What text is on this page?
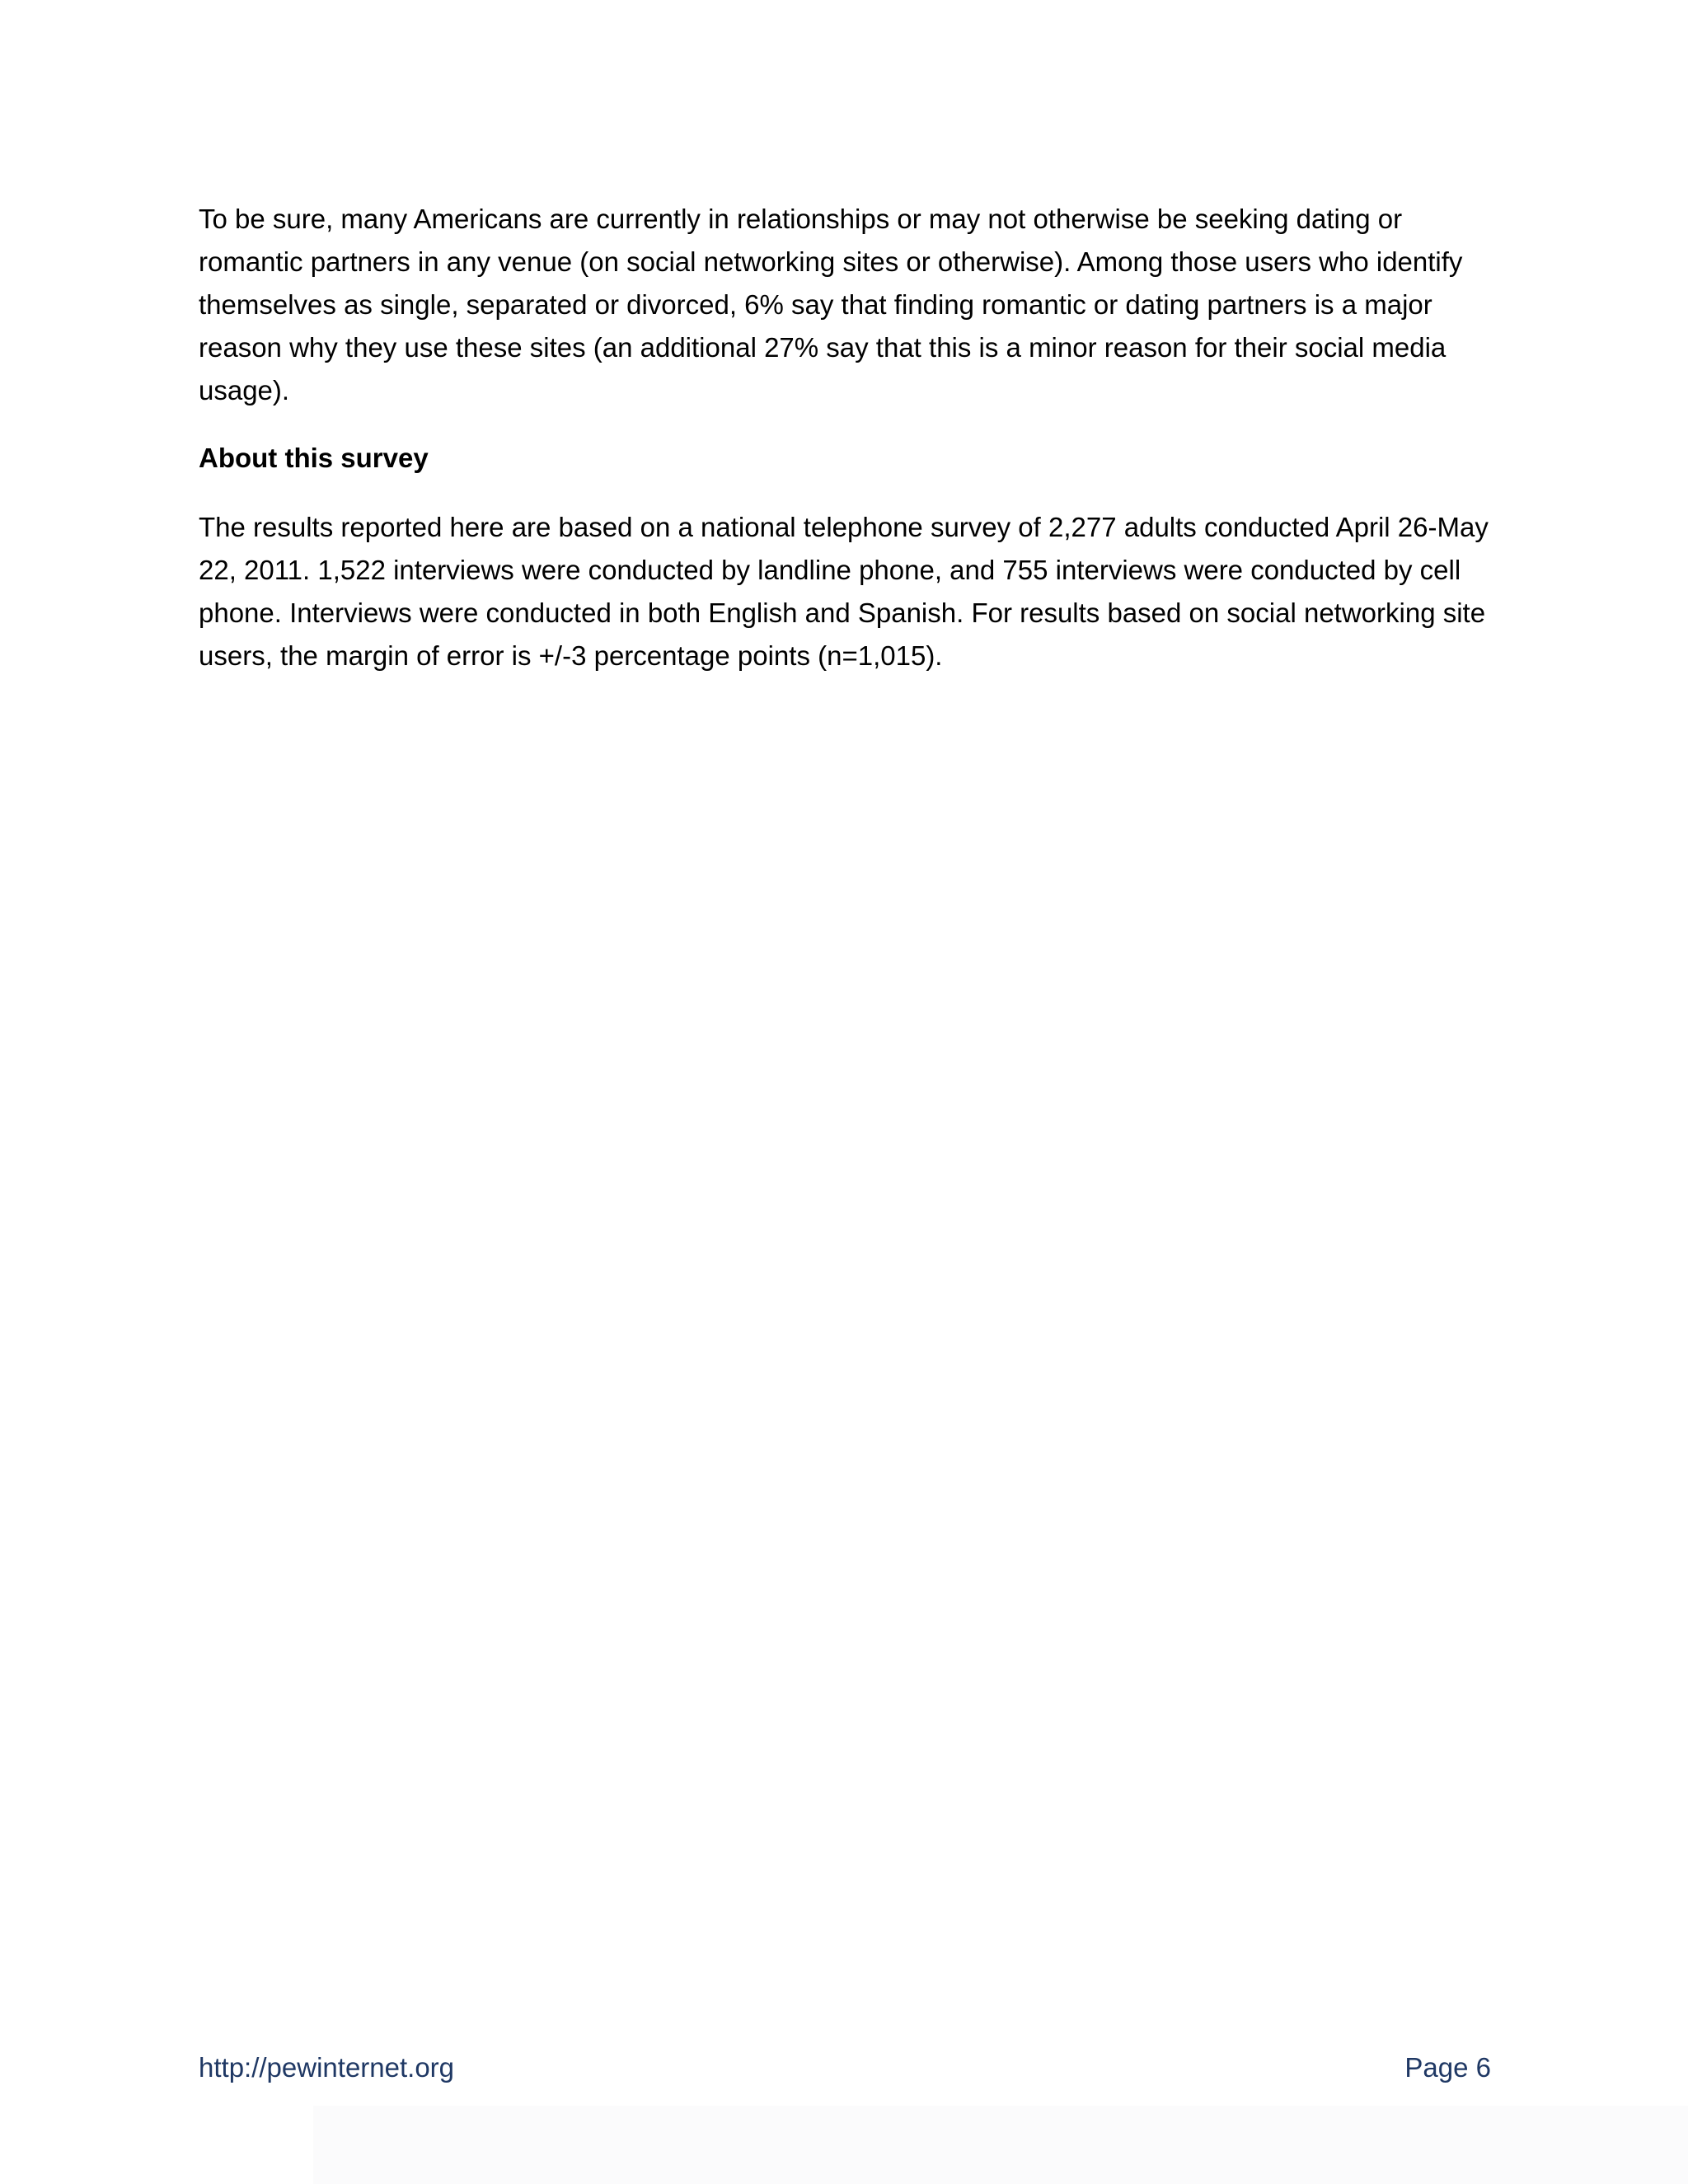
To be sure, many Americans are currently in relationships or may not otherwise be seeking dating or romantic partners in any venue (on social networking sites or otherwise). Among those users who identify themselves as single, separated or divorced, 6% say that finding romantic or dating partners is a major reason why they use these sites (an additional 27% say that this is a minor reason for their social media usage).

About this survey

The results reported here are based on a national telephone survey of 2,277 adults conducted April 26-May 22, 2011. 1,522 interviews were conducted by landline phone, and 755 interviews were conducted by cell phone. Interviews were conducted in both English and Spanish. For results based on social networking site users, the margin of error is +/-3 percentage points (n=1,015).

http://pewinternet.org	Page 6
